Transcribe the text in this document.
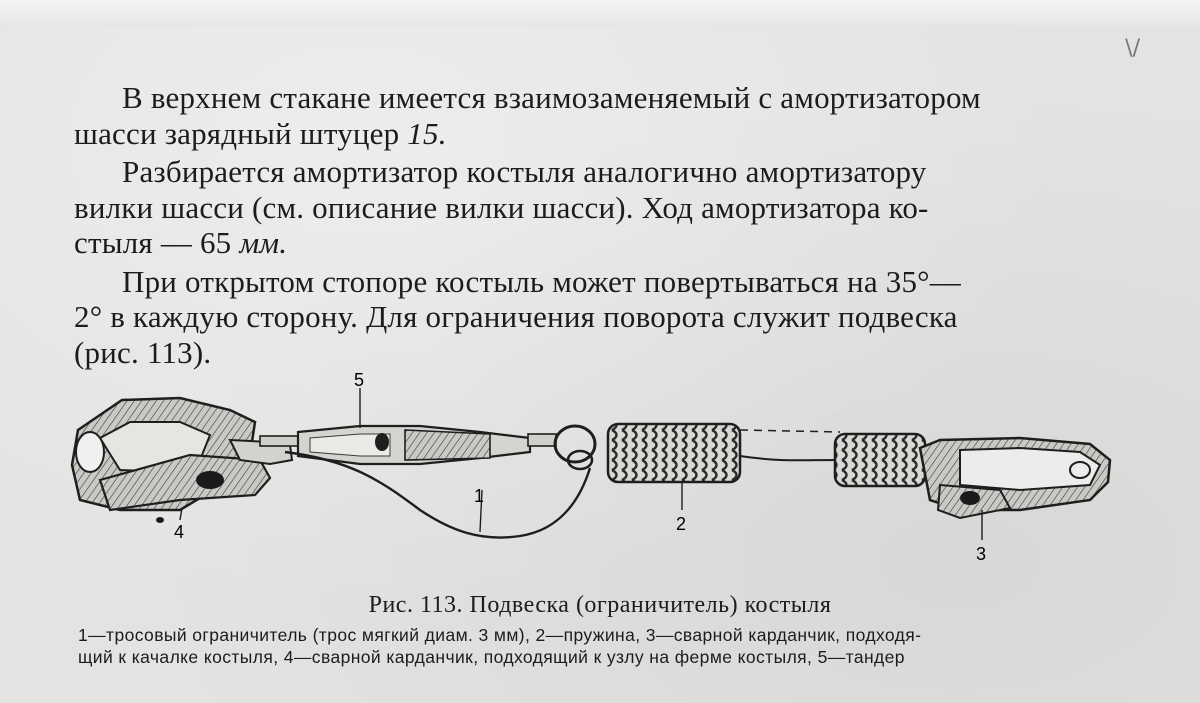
\/

В верхнем стакане имеется взаимозаменяемый с амортизатором
шасси зарядный штуцер 15.

Разбирается амортизатор костыля аналогично амортизатору
вилки шасси (см. описание вилки шасси). Ход амортизатора ко-
стыля — 65 мм.

При открытом стопоре костыль может повертываться на 35°—
2° в каждую сторону. Для ограничения поворота служит подвеска
(рис. 113).

1
2
3
4
5
Рис. 113. Подвеска (ограничитель) костыля
1—тросовый ограничитель (трос мягкий диам. 3 мм), 2—пружина, 3—сварной карданчик, подходя-
щий к качалке костыля, 4—сварной карданчик, подходящий к узлу на ферме костыля, 5—тандер
